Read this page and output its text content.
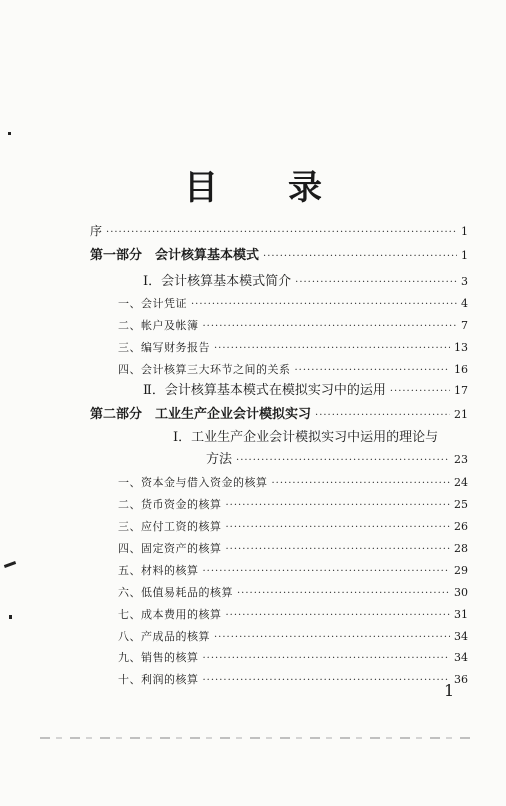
目 录
序 ·····	1
第一部分　会计核算基本模式 ·····	1
Ⅰ．会计核算基本模式简介 ·····	3
一、会计凭证 ·····	4
二、帐户及帐簿 ·····	7
三、编写财务报告 ·····	13
四、会计核算三大环节之间的关系 ·····	16
Ⅱ．会计核算基本模式在模拟实习中的运用 ·····	17
第二部分　工业生产企业会计模拟实习 ·····	21
Ⅰ．工业生产企业会计模拟实习中运用的理论与
方法 ·····	23
一、资本金与借入资金的核算 ·····	24
二、货币资金的核算 ·····	25
三、应付工资的核算 ·····	26
四、固定资产的核算 ·····	28
五、材料的核算 ·····	29
六、低值易耗品的核算 ·····	30
七、成本费用的核算 ·····	31
八、产成品的核算 ·····	34
九、销售的核算 ·····	34
十、利润的核算 ·····	36
1
